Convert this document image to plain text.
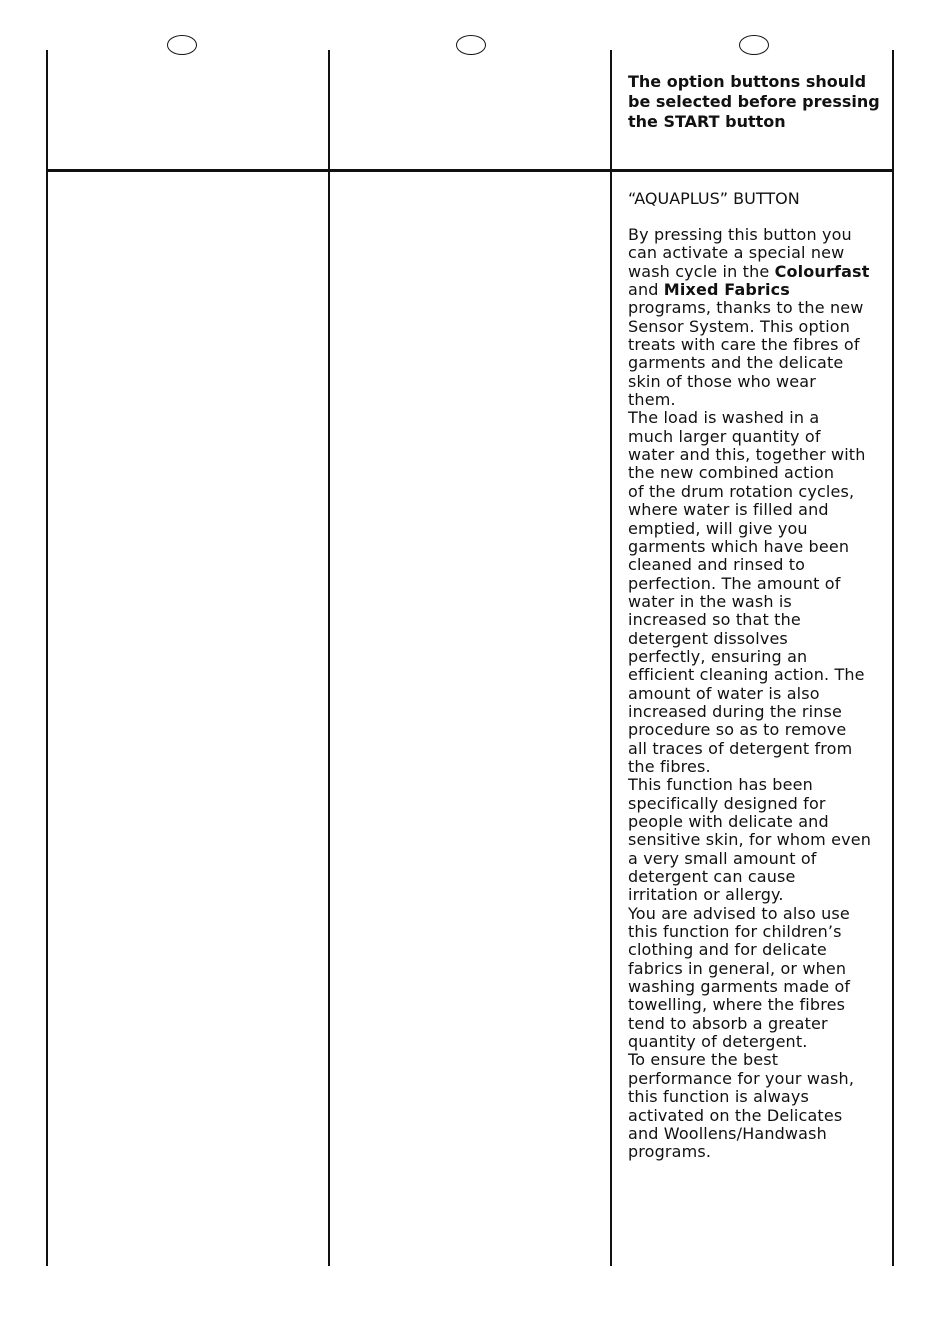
The option buttons should
be selected before pressing
the START button
“AQUAPLUS” BUTTON

By pressing this button you
can activate a special new
wash cycle in the Colourfast
and Mixed Fabrics
programs, thanks to the new
Sensor System. This option
treats with care the fibres of
garments and the delicate
skin of those who wear
them.

The load is washed in a
much larger quantity of
water and this, together with
the new combined action
of the drum rotation cycles,
where water is filled and
emptied, will give you
garments which have been
cleaned and rinsed to
perfection. The amount of
water in the wash is
increased so that the
detergent dissolves
perfectly, ensuring an
efficient cleaning action. The
amount of water is also
increased during the rinse
procedure so as to remove
all traces of detergent from
the fibres.

This function has been
specifically designed for
people with delicate and
sensitive skin, for whom even
a very small amount of
detergent can cause
irritation or allergy.

You are advised to also use
this function for children’s
clothing and for delicate
fabrics in general, or when
washing garments made of
towelling, where the fibres
tend to absorb a greater
quantity of detergent.

To ensure the best
performance for your wash,
this function is always
activated on the Delicates
and Woollens/Handwash
programs.
